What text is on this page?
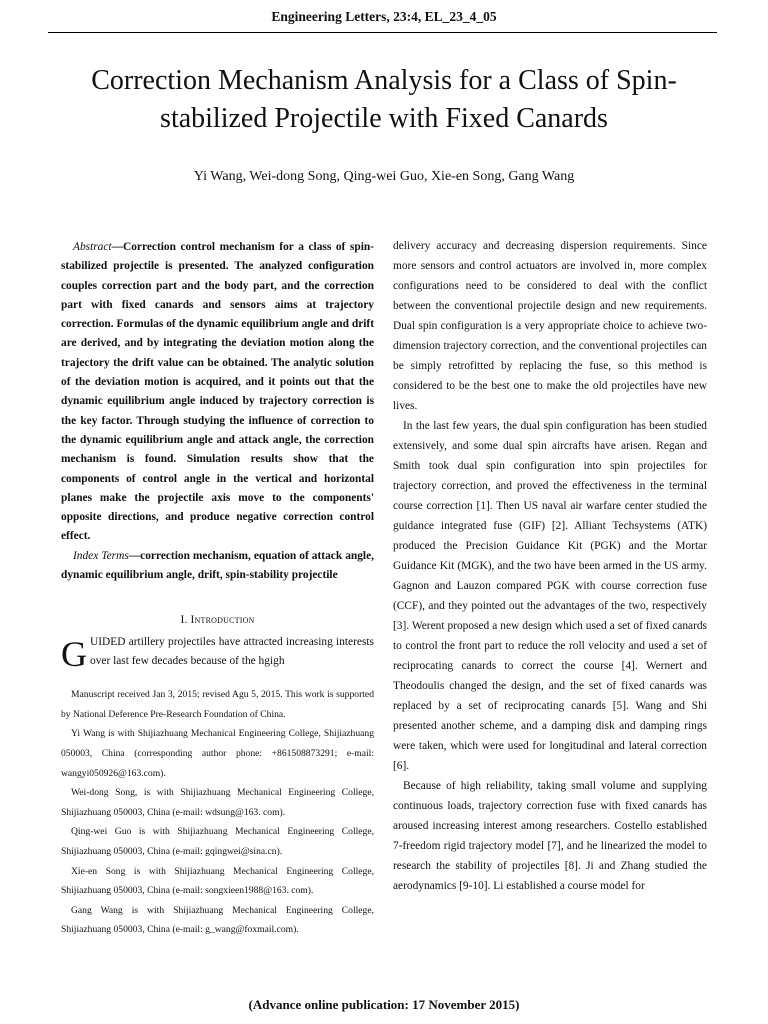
Engineering Letters, 23:4, EL_23_4_05
Correction Mechanism Analysis for a Class of Spin-stabilized Projectile with Fixed Canards
Yi Wang, Wei-dong Song, Qing-wei Guo, Xie-en Song, Gang Wang

Abstract—Correction control mechanism for a class of spin-stabilized projectile is presented. The analyzed configuration couples correction part and the body part, and the correction part with fixed canards and sensors aims at trajectory correction. Formulas of the dynamic equilibrium angle and drift are derived, and by integrating the deviation motion along the trajectory the drift value can be obtained. The analytic solution of the deviation motion is acquired, and it points out that the dynamic equilibrium angle induced by trajectory correction is the key factor. Through studying the influence of correction to the dynamic equilibrium angle and attack angle, the correction mechanism is found. Simulation results show that the components of control angle in the vertical and horizontal planes make the projectile axis move to the components' opposite directions, and produce negative correction control effect.

Index Terms—correction mechanism, equation of attack angle, dynamic equilibrium angle, drift, spin-stability projectile

I. Introduction

GUIDED artillery projectiles have attracted increasing interests over last few decades because of the hgigh

Manuscript received Jan 3, 2015; revised Agu 5, 2015. This work is supported by National Deference Pre-Research Foundation of China.

Yi Wang is with Shijiazhuang Mechanical Engineering College, Shijiazhuang 050003, China (corresponding author phone: +861508873291; e-mail: wangyi050926@163.com).

Wei-dong Song, is with Shijiazhuang Mechanical Engineering College, Shijiazhuang 050003, China (e-mail: wdsung@163. com).

Qing-wei Guo is with Shijiazhuang Mechanical Engineering College, Shijiazhuang 050003, China (e-mail: gqingwei@sina.cn).

Xie-en Song is with Shijiazhuang Mechanical Engineering College, Shijiazhuang 050003, China (e-mail: songxieen1988@163. com).

Gang Wang is with Shijiazhuang Mechanical Engineering College, Shijiazhuang 050003, China (e-mail: g_wang@foxmail.com).

delivery accuracy and decreasing dispersion requirements. Since more sensors and control actuators are involved in, more complex configurations need to be considered to deal with the conflict between the conventional projectile design and new requirements. Dual spin configuration is a very appropriate choice to achieve two-dimension trajectory correction, and the conventional projectiles can be simply retrofitted by replacing the fuse, so this method is considered to be the best one to make the old projectiles have new lives.

In the last few years, the dual spin configuration has been studied extensively, and some dual spin aircrafts have arisen. Regan and Smith took dual spin configuration into spin projectiles for trajectory correction, and proved the effectiveness in the terminal course correction [1]. Then US naval air warfare center studied the guidance integrated fuse (GIF) [2]. Alliant Techsystems (ATK) produced the Precision Guidance Kit (PGK) and the Mortar Guidance Kit (MGK), and the two have been armed in the US army. Gagnon and Lauzon compared PGK with course correction fuse (CCF), and they pointed out the advantages of the two, respectively [3]. Werent proposed a new design which used a set of fixed canards to control the front part to reduce the roll velocity and used a set of reciprocating canards to correct the course [4]. Wernert and Theodoulis changed the design, and the set of fixed canards was replaced by a set of reciprocating canards [5]. Wang and Shi presented another scheme, and a damping disk and damping rings were taken, which were used for longitudinal and lateral correction [6].

Because of high reliability, taking small volume and supplying continuous loads, trajectory correction fuse with fixed canards has aroused increasing interest among researchers. Costello established 7-freedom rigid trajectory model [7], and he linearized the model to research the stability of projectiles [8]. Ji and Zhang studied the aerodynamics [9-10]. Li established a course model for

(Advance online publication: 17 November 2015)
